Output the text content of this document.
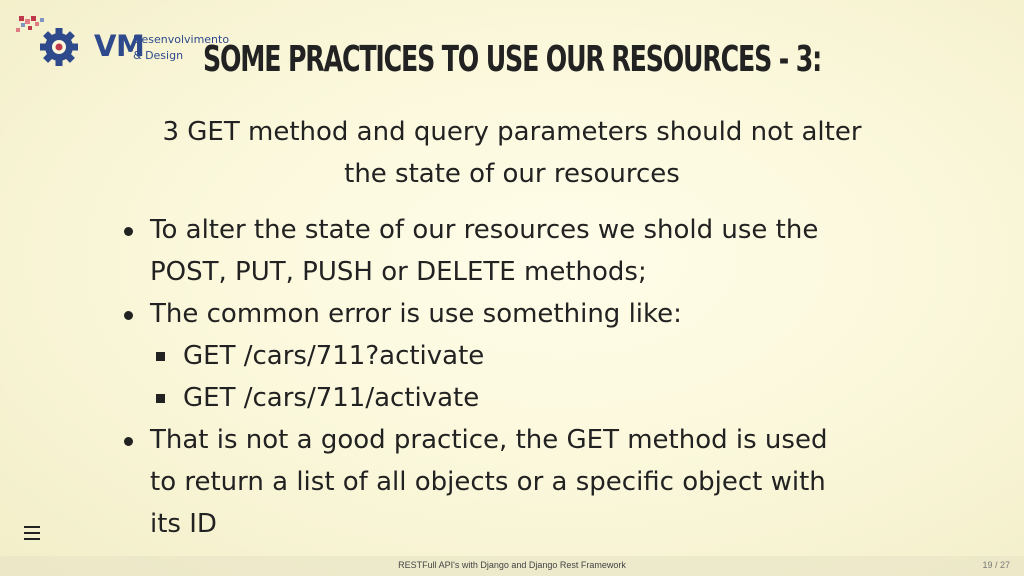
VM
Desenvolvimento
& Design SOME PRACTICES TO USE OUR RESOURCES - 3:
3 GET method and query parameters should not alter
the state of our resources
To alter the state of our resources we shold use the
POST, PUT, PUSH or DELETE methods;
The common error is use something like:
GET /cars/711?activate
GET /cars/711/activate
That is not a good practice, the GET method is used
to return a list of all objects or a specific object with
its ID
RESTFull API's with Django and Django Rest Framework	19 / 27
